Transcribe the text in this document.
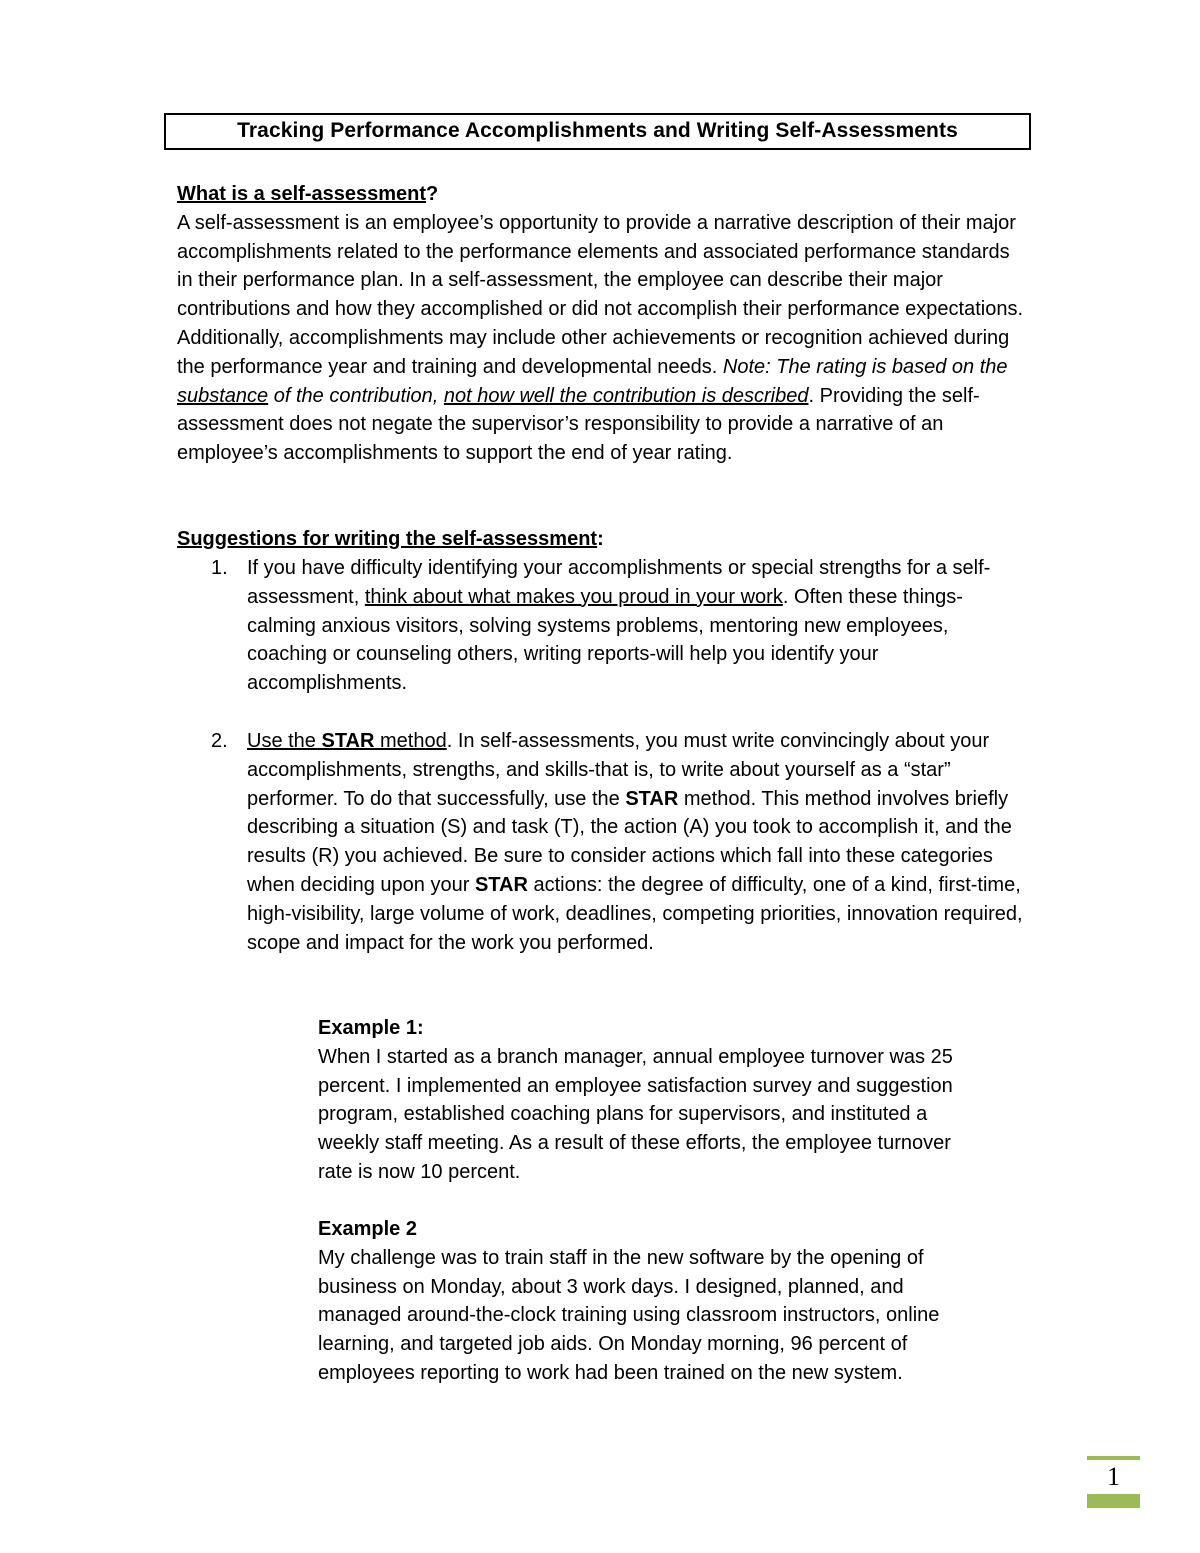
Tracking Performance Accomplishments and Writing Self-Assessments
What is a self-assessment?
A self-assessment is an employee’s opportunity to provide a narrative description of their major accomplishments related to the performance elements and associated performance standards in their performance plan. In a self-assessment, the employee can describe their major contributions and how they accomplished or did not accomplish their performance expectations. Additionally, accomplishments may include other achievements or recognition achieved during the performance year and training and developmental needs. Note: The rating is based on the substance of the contribution, not how well the contribution is described. Providing the self-assessment does not negate the supervisor’s responsibility to provide a narrative of an employee’s accomplishments to support the end of year rating.
Suggestions for writing the self-assessment:
1. If you have difficulty identifying your accomplishments or special strengths for a self-assessment, think about what makes you proud in your work. Often these things- calming anxious visitors, solving systems problems, mentoring new employees, coaching or counseling others, writing reports-will help you identify your accomplishments.
2. Use the STAR method. In self-assessments, you must write convincingly about your accomplishments, strengths, and skills-that is, to write about yourself as a “star” performer. To do that successfully, use the STAR method. This method involves briefly describing a situation (S) and task (T), the action (A) you took to accomplish it, and the results (R) you achieved. Be sure to consider actions which fall into these categories when deciding upon your STAR actions: the degree of difficulty, one of a kind, first-time, high-visibility, large volume of work, deadlines, competing priorities, innovation required, scope and impact for the work you performed.
Example 1:
When I started as a branch manager, annual employee turnover was 25 percent. I implemented an employee satisfaction survey and suggestion program, established coaching plans for supervisors, and instituted a weekly staff meeting. As a result of these efforts, the employee turnover rate is now 10 percent.
Example 2
My challenge was to train staff in the new software by the opening of business on Monday, about 3 work days. I designed, planned, and managed around-the-clock training using classroom instructors, online learning, and targeted job aids. On Monday morning, 96 percent of employees reporting to work had been trained on the new system.
1
